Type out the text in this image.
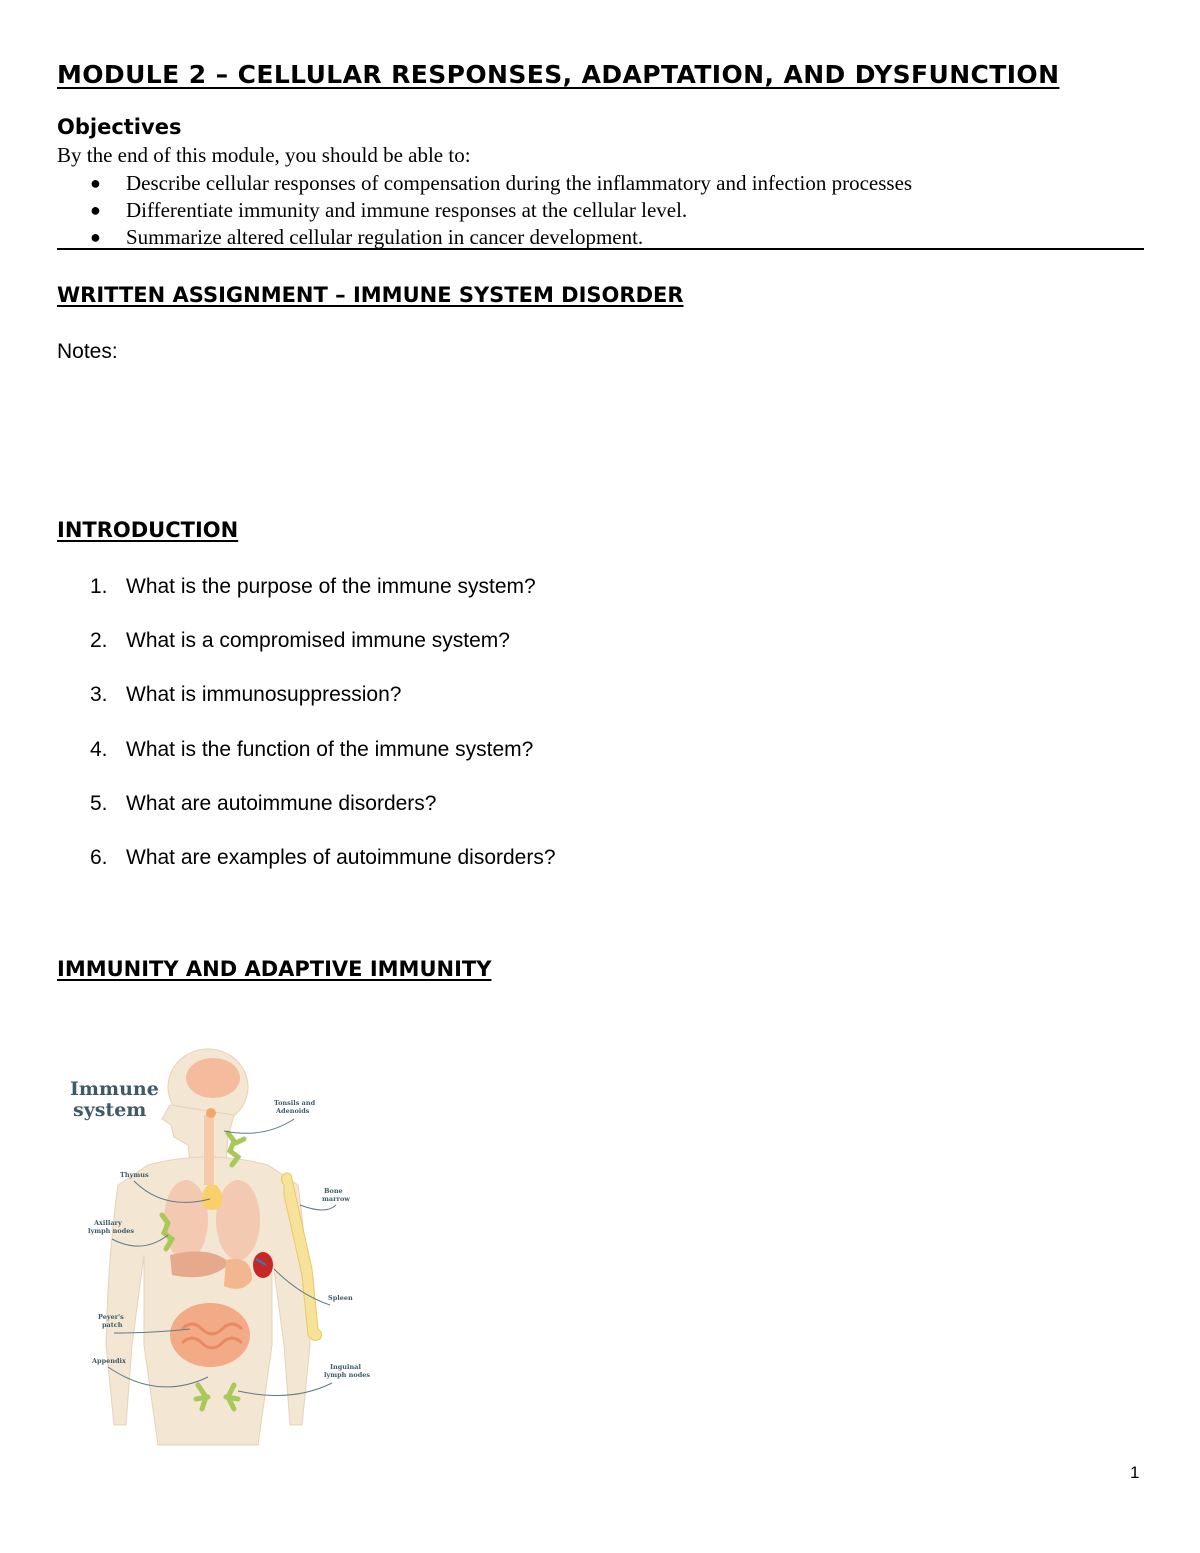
MODULE 2 – CELLULAR RESPONSES, ADAPTATION, AND DYSFUNCTION
Objectives
By the end of this module, you should be able to:
● Describe cellular responses of compensation during the inflammatory and infection processes
● Differentiate immunity and immune responses at the cellular level.
● Summarize altered cellular regulation in cancer development.
WRITTEN ASSIGNMENT – IMMUNE SYSTEM DISORDER
Notes:
INTRODUCTION
1. What is the purpose of the immune system?
2. What is a compromised immune system?
3. What is immunosuppression?
4. What is the function of the immune system?
5. What are autoimmune disorders?
6. What are examples of autoimmune disorders?
IMMUNITY AND ADAPTIVE IMMUNITY
Immune
system	Tonsils and
Adenoids
Thymus
Bone
marrow
Axillary
lymph nodes
Spleen
Peyer's
patch
Appendix
Inguinal
lymph nodes
1
